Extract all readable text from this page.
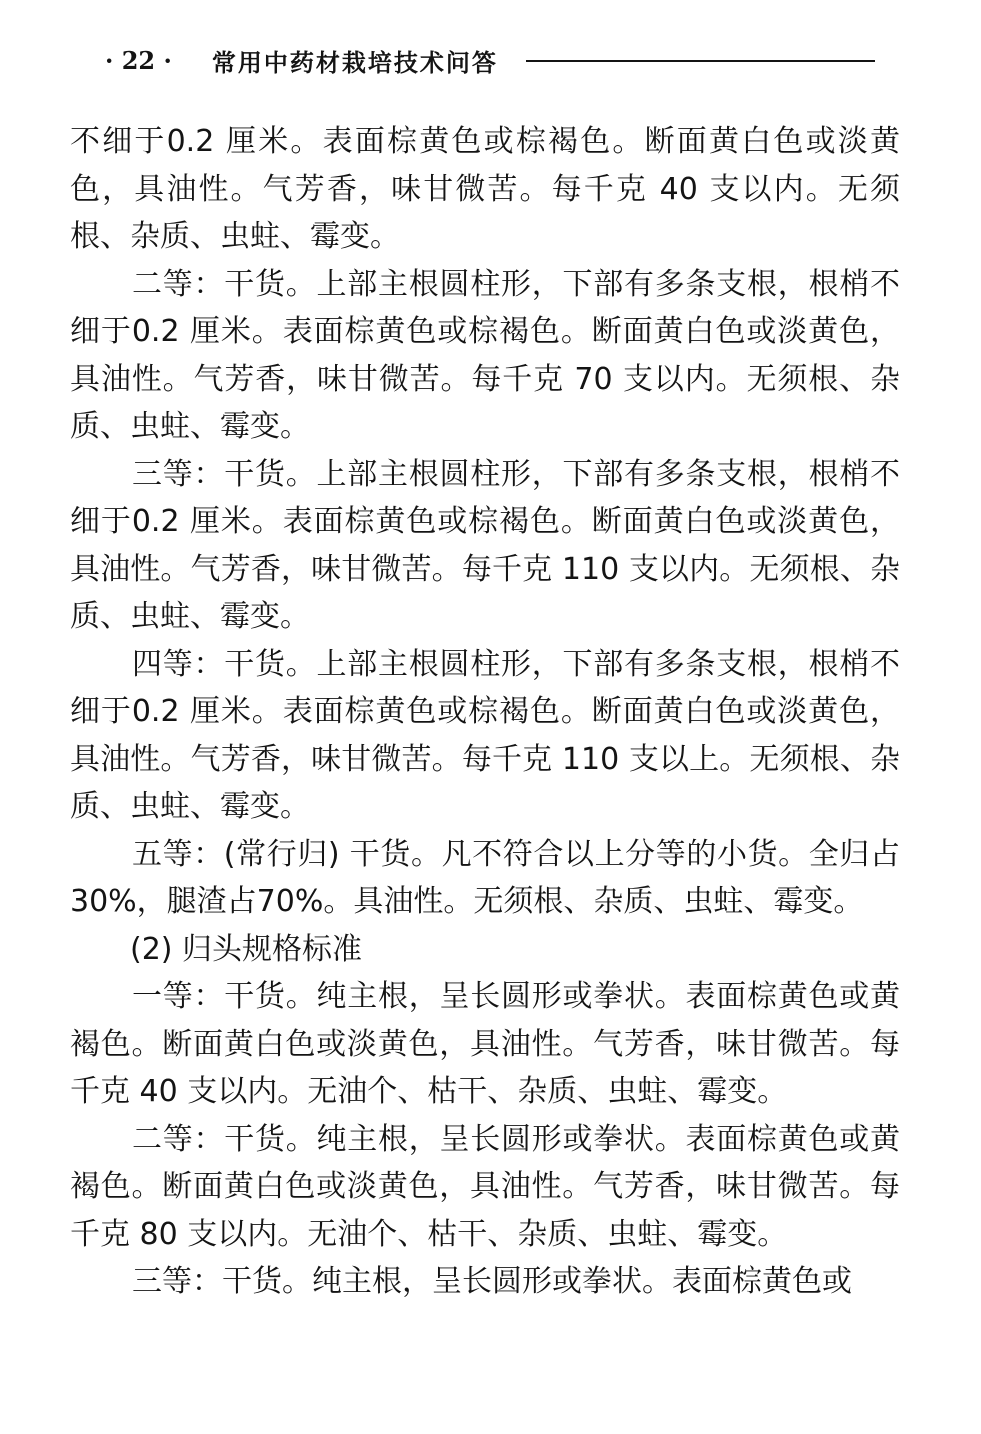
· 22 · 常用中药材栽培技术问答

不细于0.2 厘米。表面棕黄色或棕褐色。断面黄白色或淡黄色，具油性。气芳香，味甘微苦。每千克 40 支以内。无须根、杂质、虫蛀、霉变。

二等：干货。上部主根圆柱形，下部有多条支根，根梢不细于0.2 厘米。表面棕黄色或棕褐色。断面黄白色或淡黄色，具油性。气芳香，味甘微苦。每千克 70 支以内。无须根、杂质、虫蛀、霉变。

三等：干货。上部主根圆柱形，下部有多条支根，根梢不细于0.2 厘米。表面棕黄色或棕褐色。断面黄白色或淡黄色，具油性。气芳香，味甘微苦。每千克 110 支以内。无须根、杂质、虫蛀、霉变。

四等：干货。上部主根圆柱形，下部有多条支根，根梢不细于0.2 厘米。表面棕黄色或棕褐色。断面黄白色或淡黄色，具油性。气芳香，味甘微苦。每千克 110 支以上。无须根、杂质、虫蛀、霉变。

五等：(常行归) 干货。凡不符合以上分等的小货。全归占30%，腿渣占70%。具油性。无须根、杂质、虫蛀、霉变。

(2) 归头规格标准

一等：干货。纯主根，呈长圆形或拳状。表面棕黄色或黄褐色。断面黄白色或淡黄色，具油性。气芳香，味甘微苦。每千克 40 支以内。无油个、枯干、杂质、虫蛀、霉变。

二等：干货。纯主根，呈长圆形或拳状。表面棕黄色或黄褐色。断面黄白色或淡黄色，具油性。气芳香，味甘微苦。每千克 80 支以内。无油个、枯干、杂质、虫蛀、霉变。

三等：干货。纯主根，呈长圆形或拳状。表面棕黄色或
